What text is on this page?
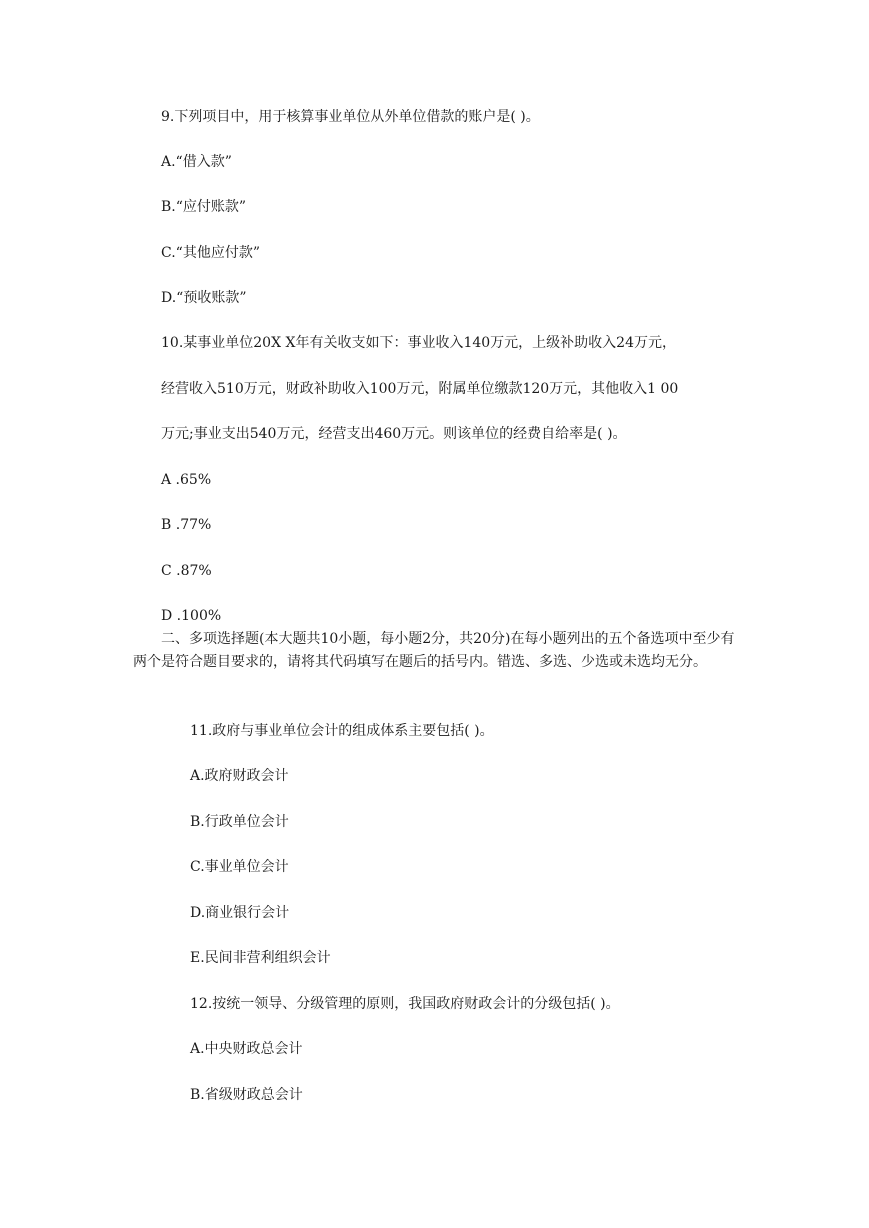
9.下列项目中，用于核算事业单位从外单位借款的账户是( )。
A.“借入款”
B.“应付账款”
C.“其他应付款”
D.“预收账款”
10.某事业单位20X X年有关收支如下：事业收入140万元，上级补助收入24万元，
经营收入510万元，财政补助收入100万元，附属单位缴款120万元，其他收入1 00
万元;事业支出540万元，经营支出460万元。则该单位的经费自给率是( )。
A .65%
B .77%
C .87%
D .100%
二、多项选择题(本大题共10小题，每小题2分，共20分)在每小题列出的五个备选项中至少有两个是符合题目要求的，请将其代码填写在题后的括号内。错选、多选、少选或未选均无分。
11.政府与事业单位会计的组成体系主要包括( )。
A.政府财政会计
B.行政单位会计
C.事业单位会计
D.商业银行会计
E.民间非营利组织会计
12.按统一领导、分级管理的原则，我国政府财政会计的分级包括( )。
A.中央财政总会计
B.省级财政总会计
